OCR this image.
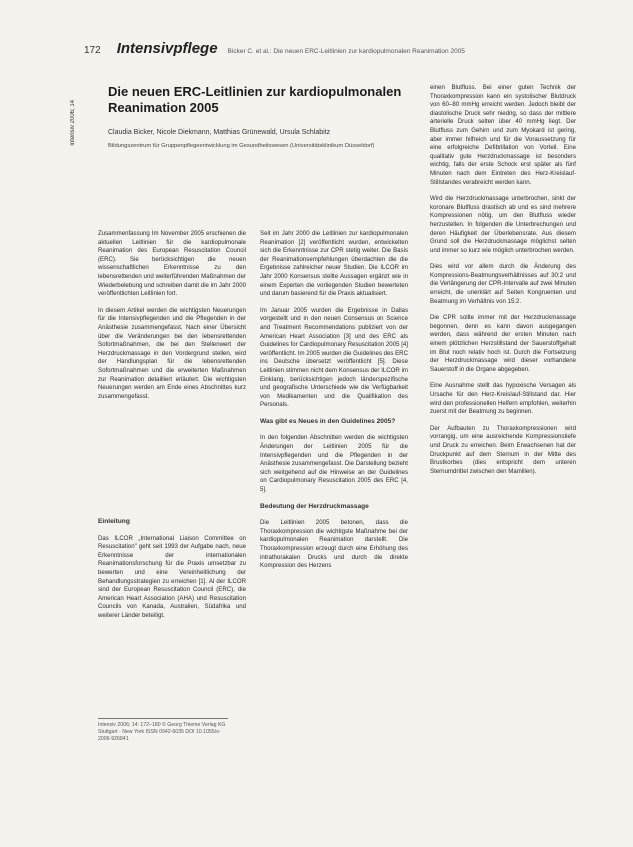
172 Intensivpflege Bicker C. et al.: Die neuen ERC-Leitlinien zur kardiopulmonalen Reanimation 2005
Intensiv 2006; 14
Die neuen ERC-Leitlinien zur kardiopulmonalen Reanimation 2005
Claudia Bicker, Nicole Diekmann, Matthias Grünewald, Ursula Schlabitz
Bildungszentrum für Gruppenpflegeentwicklung im Gesundheitswesen (Universitätsklinikum Düsseldorf)

Zusammenfassung Im November 2005 erschienen die aktuellen Leitlinien für die kardiopulmonale Reanimation des European Resuscitation Council (ERC). Sie berücksichtigen die neuen wissenschaftlichen Erkenntnisse zu den lebensrettenden und weiterführenden Maßnahmen der Wiederbelebung und schreiben damit die im Jahr 2000 veröffentlichten Leitlinien fort.

In diesem Artikel werden die wichtigsten Neuerungen für die Intensivpflegenden und die Pflegenden in der Anästhesie zusammengefasst. Nach einer Übersicht über die Veränderungen bei den lebensrettenden Sofortmaßnahmen, die bei den Stellenwert der Herzdruckmassage in den Vordergrund stellen, wird der Handlungsplan für die lebensrettenden Sofortmaßnahmen und die erweiterten Maßnahmen zur Reanimation detailliert erläutert. Die wichtigsten Neuerungen werden am Ende eines Abschnittes kurz zusammengefasst.

Einleitung

Das ILCOR „International Liaison Committee on Resuscitation" geht seit 1993 der Aufgabe nach, neue Erkenntnisse der internationalen Reanimationsforschung für die Praxis umsetzbar zu bewerten und eine Vereinheitlichung der Behandlungsstrategien zu erreichen [1]. Al der ILCOR sind der European Resuscitation Council (ERC), die American Heart Association (AHA) und Resuscitation Councils von Kanada, Australien, Südafrika und weiterer Länder beteiligt.

Intensiv 2006; 14: 172–180 © Georg Thieme Verlag KG Stuttgart · New York ISSN 0942-6035 DOI 10.1055/s-2006-926841

Seit im Jahr 2000 die Leitlinien zur kardiopulmonalen Reanimation [2] veröffentlicht wurden, entwickelten sich die Erkenntnisse zur CPR stetig weiter. Die Basis der Reanimationsempfehlungen überdachten die die Ergebnisse zahlreicher neuer Studien. Die ILCOR im Jahr 2000 Konsensus stellte Aussagen ergänzt wie in einem Experten die vorliegenden Studien bewerteten und darum basierend für die Praxis aktualisiert.

Im Januar 2005 wurden die Ergebnisse in Dallas vorgestellt und in den neuen Consensus on Science and Treatment Recommendations publiziert von der American Heart Association [3] und des ERC als Guidelines for Cardiopulmonary Resuscitation 2005 [4] veröffentlicht. Im 2005 wurden die Guidelines des ERC ins Deutsche übersetzt veröffentlicht [5]. Diese Leitlinien stimmen nicht dem Konsensus der ILCOR im Einklang, berücksichtigen jedoch länderspezifische und geografische Unterschiede wie die Verfügbarkeit von Medikamenten und die Qualifikation des Personals.

Was gibt es Neues in den Guidelines 2005?

In den folgenden Abschnitten werden die wichtigsten Änderungen der Leitlinien 2005 für die Intensivpflegenden und die Pflegenden in der Anästhesie zusammengefasst. Die Darstellung bezieht sich weitgehend auf die Hinweise an der Guidelines on Cardiopulmonary Resuscitation 2005 des ERC [4, 5].

Bedeutung der Herzdruckmassage

Die Leitlinien 2005 betonen, dass die Thoraxkompression die wichtigste Maßnahme bei der kardiopulmonalen Reanimation darstellt. Die Thoraxkompression erzeugt durch eine Erhöhung des intrathorakalen Drucks und durch die direkte Kompression des Herzens

einen Blutfluss. Bei einer guten Technik der Thoraxkompression kann ein systolischer Blutdruck von 60–80 mmHg erreicht werden. Jedoch bleibt der diastolische Druck sehr niedrig, so dass der mittlere arterielle Druck selten über 40 mmHg liegt. Der Blutfluss zum Gehirn und zum Myokard ist gering, aber immer hilfreich und für die Voraussetzung für eine erfolgreiche Defibrillation von Vorteil. Eine qualitativ gute Herzdruckmassage ist besonders wichtig, falls der erste Schock erst später als fünf Minuten nach dem Eintreten des Herz-Kreislauf-Stillstandes verabreicht werden kann.

Wird die Herzdruckmassage unterbrochen, sinkt der koronare Blutfluss drastisch ab und es sind mehrere Kompressionen nötig, um den Blutfluss wieder herzustellen. In folgenden die Unterbrechungen und deren Häufigkeit der Überlebensrate. Aus diesem Grund soll die Herzdruckmassage möglichst selten und immer so kurz wie möglich unterbrochen werden.

Dies wird vor allem durch die Änderung des Kompressions-Beatmungsverhältnisses auf 30:2 und die Verlängerung der CPR-Intervalle auf zwei Minuten erreicht, die unerklärt auf Seiten Kongruenten und Beatmung im Verhältnis von 15:2.

Die CPR sollte immer mit der Herzdruckmassage begonnen, denn es kann davon ausgegangen werden, dass während der ersten Minuten nach einem plötzlichen Herzstillstand der Sauerstoffgehalt im Blut noch relativ hoch ist. Durch die Fortsetzung der Herzdruckmassage wird dieser vorhandene Sauerstoff in die Organe abgegeben.

Eine Ausnahme stellt das hypoxische Versagen als Ursache für den Herz-Kreislauf-Stillstand dar. Hier wird den professionellen Helfern empfohlen, weiterhin zuerst mit der Beatmung zu beginnen.

Der Aufbauten zu Thoraxkompressionen wird vorrangig, um eine ausreichende Kompressionstiefe und Druck zu erreichen. Beim Erwachsenen hat der Druckpunkt auf dem Sternum in der Mitte des Brustkorbes (dies entspricht dem unteren Sternumdrittel zwischen den Mamillen).
